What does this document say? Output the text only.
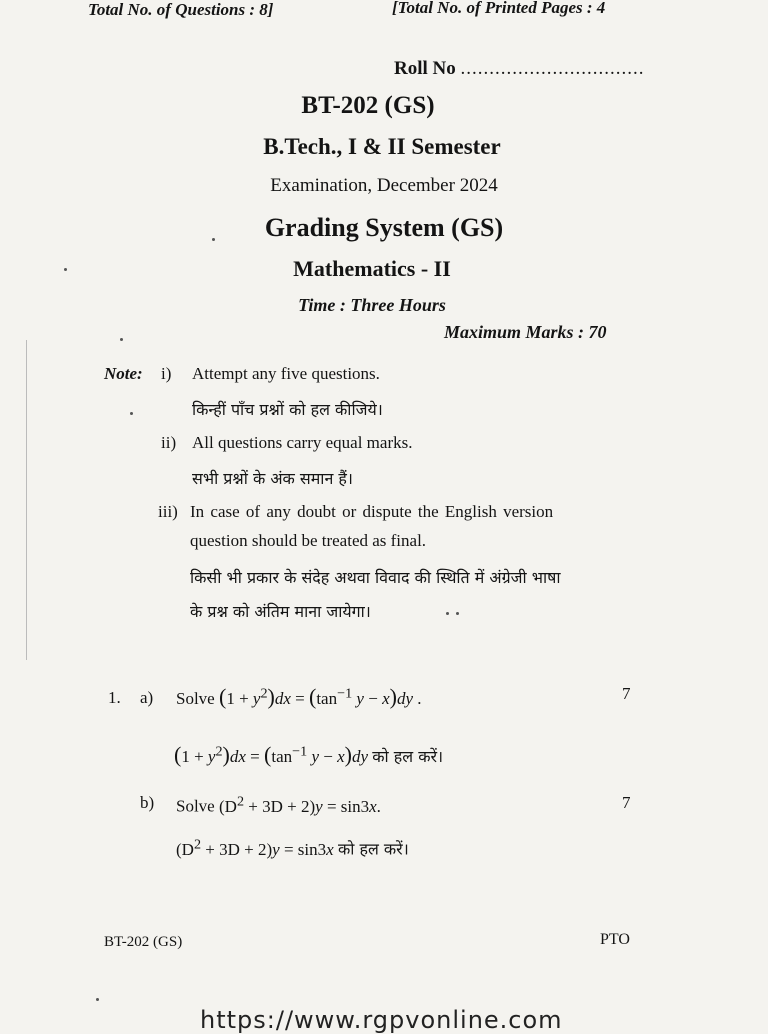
Total No. of Questions : 8]	[Total No. of Printed Pages : 4
Roll No ................................
BT-202 (GS)
B.Tech., I & II Semester
Examination, December 2024
Grading System (GS)
Mathematics - II
Time : Three Hours
Maximum Marks : 70
Note: i) Attempt any five questions.
किन्हीं पाँच प्रश्नों को हल कीजिये।
ii) All questions carry equal marks.
सभी प्रश्नों के अंक समान हैं।
iii) In case of any doubt or dispute the English version
question should be treated as final.
किसी भी प्रकार के संदेह अथवा विवाद की स्थिति में अंग्रेजी भाषा
के प्रश्न को अंतिम माना जायेगा।
1. a) Solve $(1 + y^2)dx = (\tan^{-1}$ y − x)dy .	7
$(1 + y^2)dx = (\tan^{-1}$ y − x)dy को हल करें।
b) Solve $(D^2 + 3D + 2)y = \sin 3x$.	7
$(D^2 + 3D + 2)y = \sin 3x$ को हल करें।
BT-202 (GS)	PTO
https://www.rgpvonline.com
